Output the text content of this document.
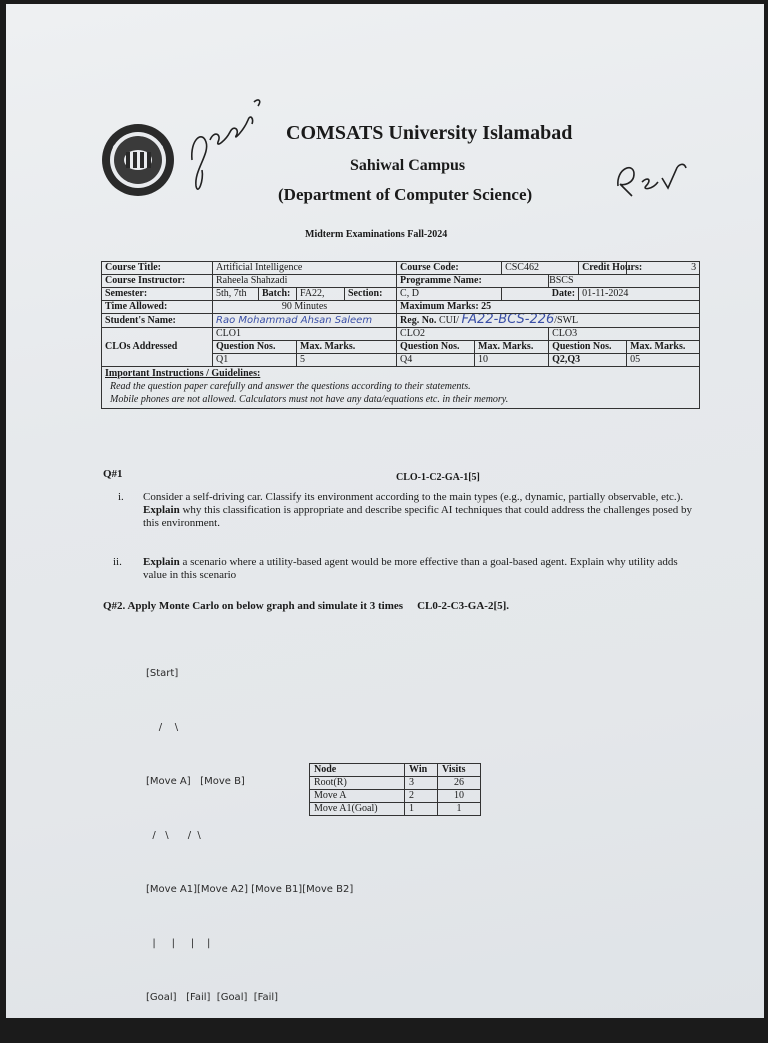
COMSATS University Islamabad
Sahiwal Campus
(Department of Computer Science)
Midterm Examinations Fall-2024
Course Title:	Artificial Intelligence				Course Code:		CSC462		Credit Hours:	3
Course Instructor:	Raheela Shahzadi				Programme Name:			BSCS		
Semester:	5th, 7th	Batch:	FA22,	Section:	C, D		Date:		01-11-2024	
Time Allowed:	90 Minutes				Maximum Marks: 25					
Student's Name:	Rao Mohammad Ahsan Saleem				Reg. No. CUI/ FA22-BCS-226/SWL					
CLOs Addressed	CLO1				CLO2			CLO3		
	Question Nos.		Max. Marks.		Question Nos.	Max. Marks.		Question Nos.		Max. Marks.
	Q1		5		Q4	10		Q2,Q3		05

Important Instructions / Guidelines:
Read the question paper carefully and answer the questions according to their statements.
Mobile phones are not allowed. Calculators must not have any data/equations etc. in their memory.										
Q#1	CLO-1-C2-GA-1[5]
i. Consider a self-driving car. Classify its environment according to the main types (e.g., dynamic, partially observable, etc.). Explain why this classification is appropriate and describe specific AI techniques that could address the challenges posed by this environment.
ii. Explain a scenario where a utility-based agent would be more effective than a goal-based agent. Explain why utility adds value in this scenario
Q#2. Apply Monte Carlo on below graph and simulate it 3 times CL0-2-C3-GA-2[5].

[Start]

/    \

[Move A]   [Move B]

/   \      /  \

[Move A1][Move A2] [Move B1][Move B2]

|     |     |    |

[Goal]   [Fail]  [Goal]  [Fail]

Node	Win	Visits
Root(R)	3	26
Move A	2	10
Move A1(Goal)	1	1
